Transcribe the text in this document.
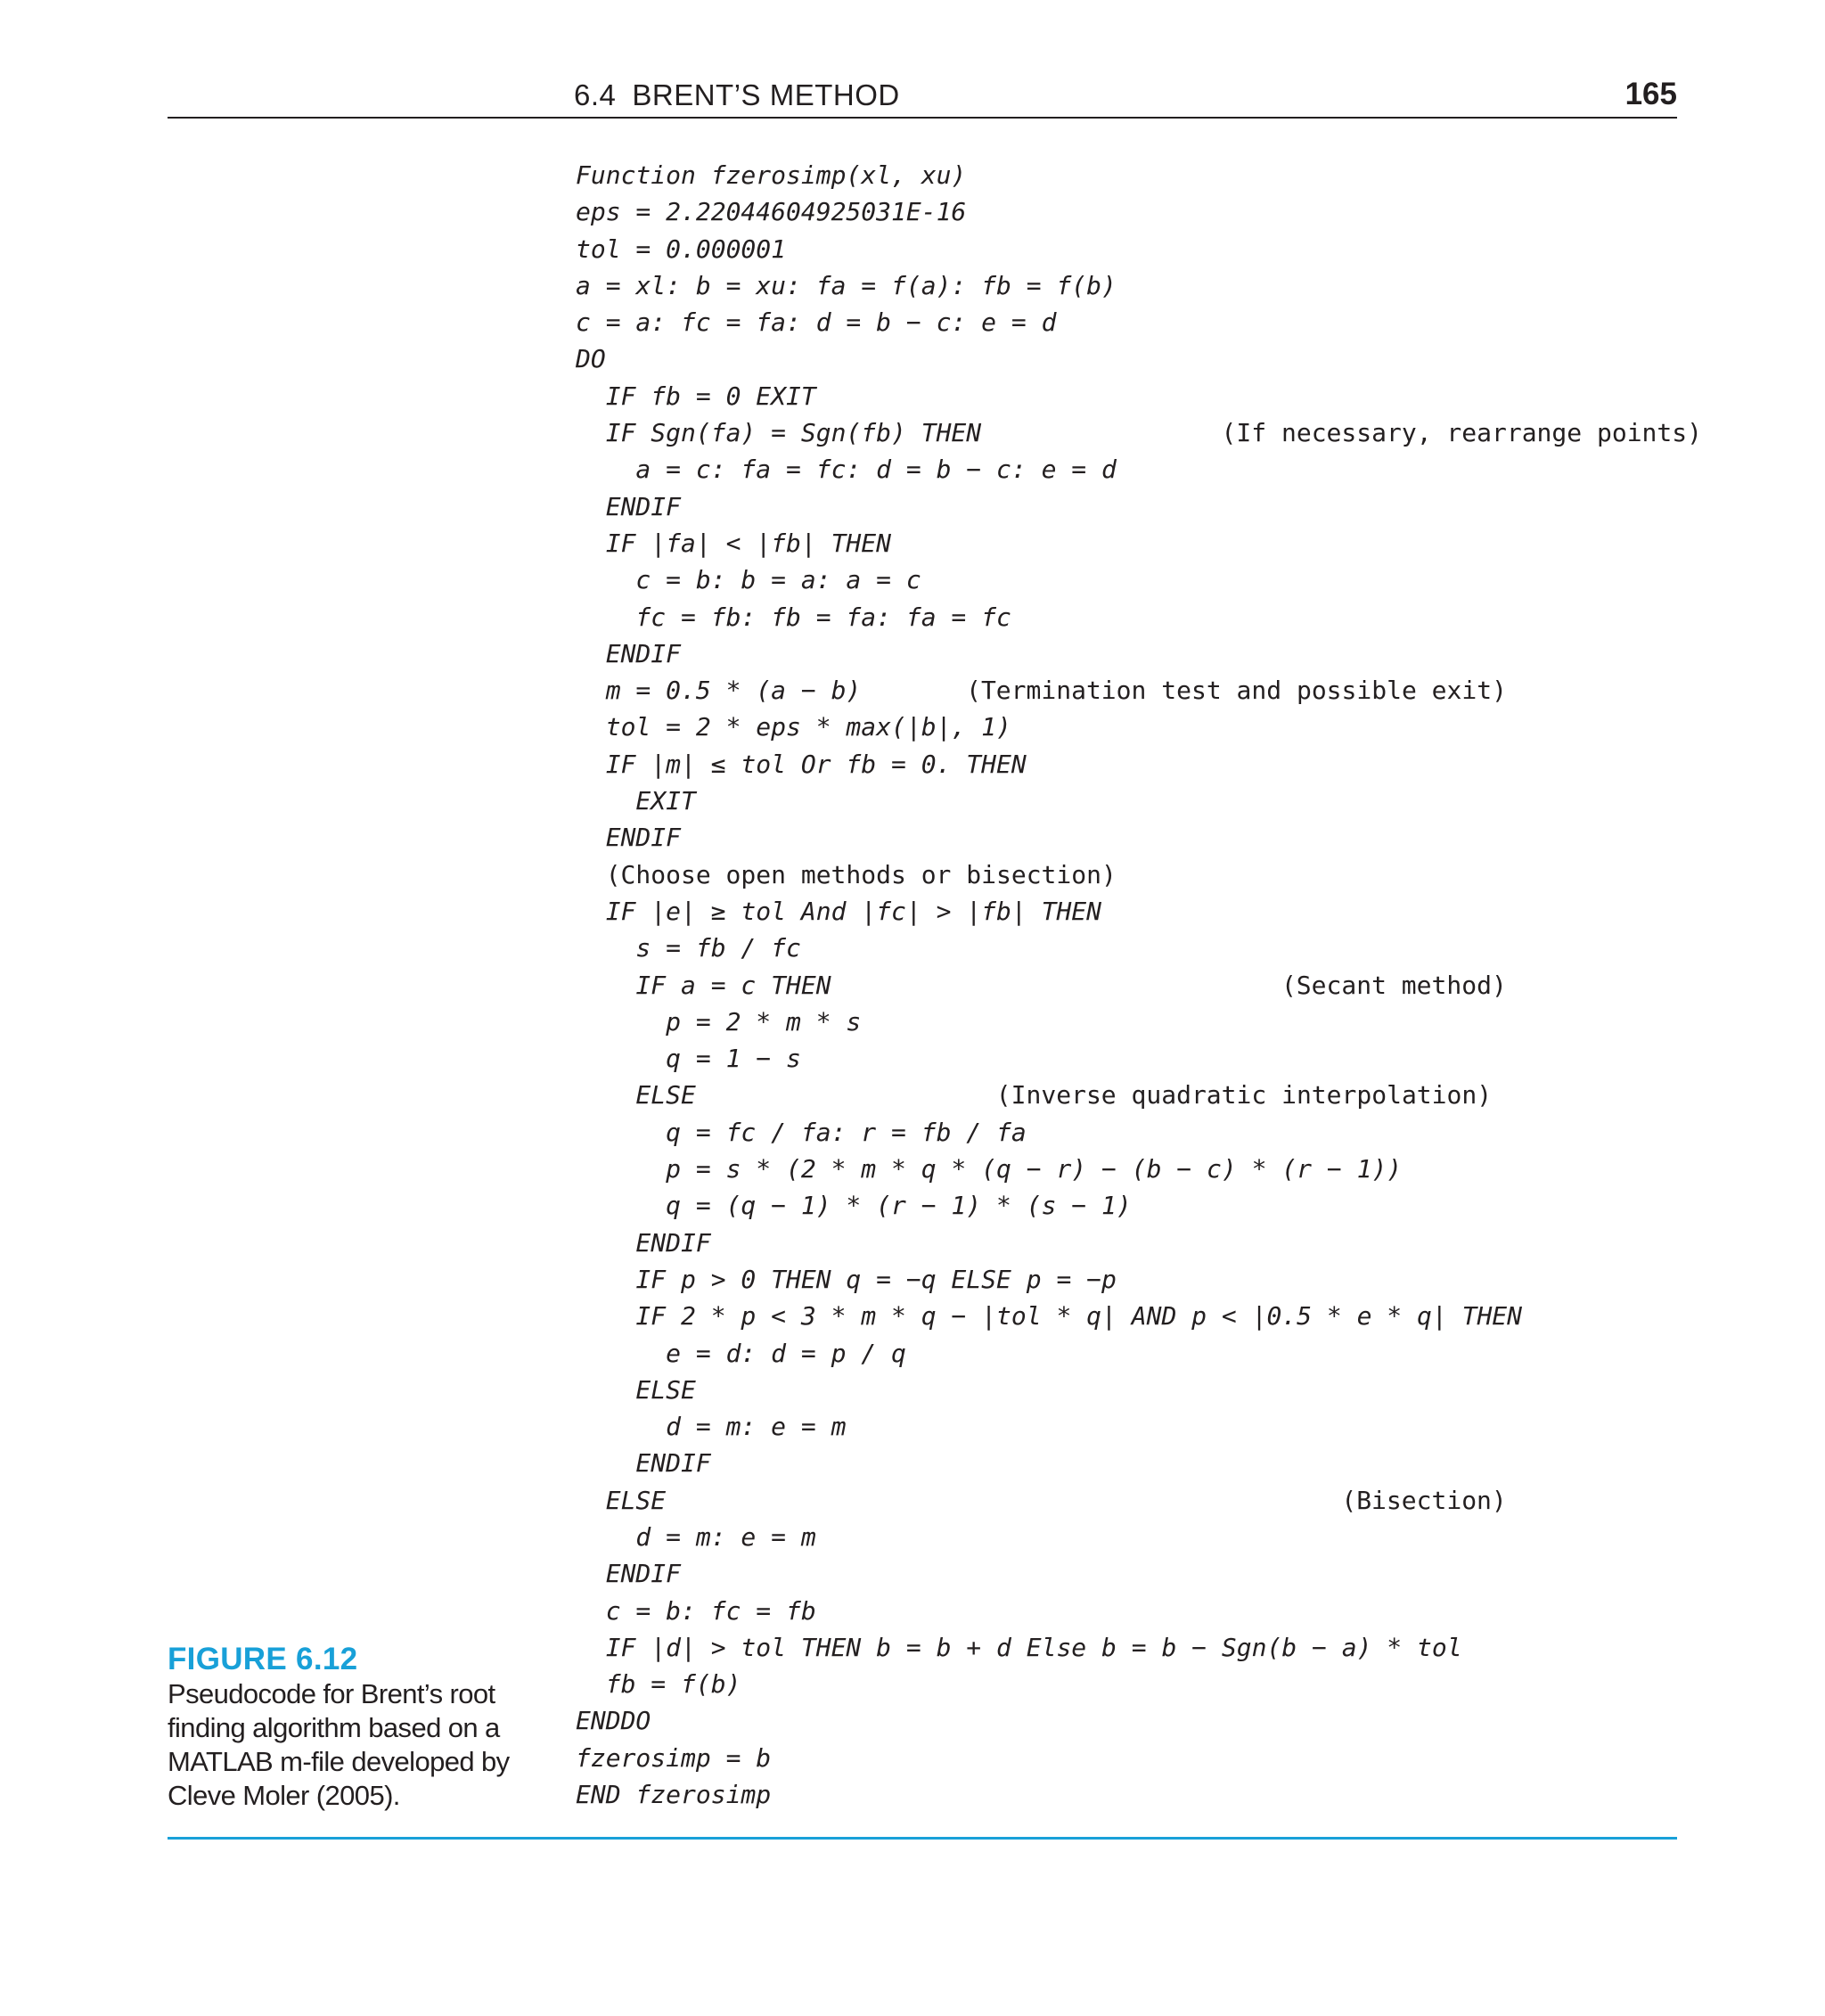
6.4 BRENT’S METHOD	165
Function fzerosimp(xl, xu)
eps = 2.22044604925031E-16
tol = 0.000001
a = xl: b = xu: fa = f(a): fb = f(b)
c = a: fc = fa: d = b − c: e = d
DO
IF fb = 0 EXIT
IF Sgn(fa) = Sgn(fb) THEN	(If necessary, rearrange points)
a = c: fa = fc: d = b − c: e = d
ENDIF
IF |fa| < |fb| THEN
c = b: b = a: a = c
fc = fb: fb = fa: fa = fc
ENDIF
m = 0.5 * (a − b)	(Termination test and possible exit)
tol = 2 * eps * max(|b|, 1)
IF |m| ≤ tol Or fb = 0. THEN
EXIT
ENDIF
(Choose open methods or bisection)
IF |e| ≥ tol And |fc| > |fb| THEN
s = fb / fc
IF a = c THEN	(Secant method)
p = 2 * m * s
q = 1 − s
ELSE	(Inverse quadratic interpolation)
q = fc / fa: r = fb / fa
p = s * (2 * m * q * (q − r) − (b − c) * (r − 1))
q = (q − 1) * (r − 1) * (s − 1)
ENDIF
IF p > 0 THEN q = −q ELSE p = −p
IF 2 * p < 3 * m * q − |tol * q| AND p < |0.5 * e * q| THEN
e = d: d = p / q
ELSE
d = m: e = m
ENDIF
ELSE	(Bisection)
d = m: e = m
ENDIF
c = b: fc = fb
IF |d| > tol THEN b = b + d Else b = b − Sgn(b − a) * tol
fb = f(b)
ENDDO
fzerosimp = b
END fzerosimp
FIGURE 6.12
Pseudocode for Brent’s root
finding algorithm based on a
MATLAB m-file developed by
Cleve Moler (2005).
